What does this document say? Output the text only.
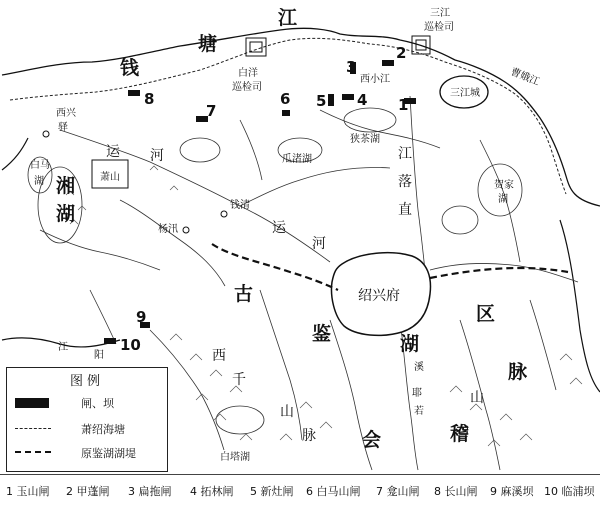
1
2
3
4
5
6
7
8
9
10
钱
塘
江	三江
巡检司
白洋
巡检司
三江城
西小江	曹娥江
西兴
驿
白马
湖 湘
湖
萧山
运 河	瓜渚湖
狭茶湖
江
落
直
贺家
湖
钱清
杨汛	运
河
绍兴府
古
鉴	湖
区
西
千
山
脉 会	稽
山
脉
溪
耶
若
江
阳
白塔湖
图例
闸、坝
萧绍海塘
原鉴湖湖堤
1 玉山闸 2 甲蓬闸 3 扁拖闸 4 拓林闸 5 新灶闸 6 白马山闸 7 龛山闸 8 长山闸 9 麻溪坝 10 临浦坝
